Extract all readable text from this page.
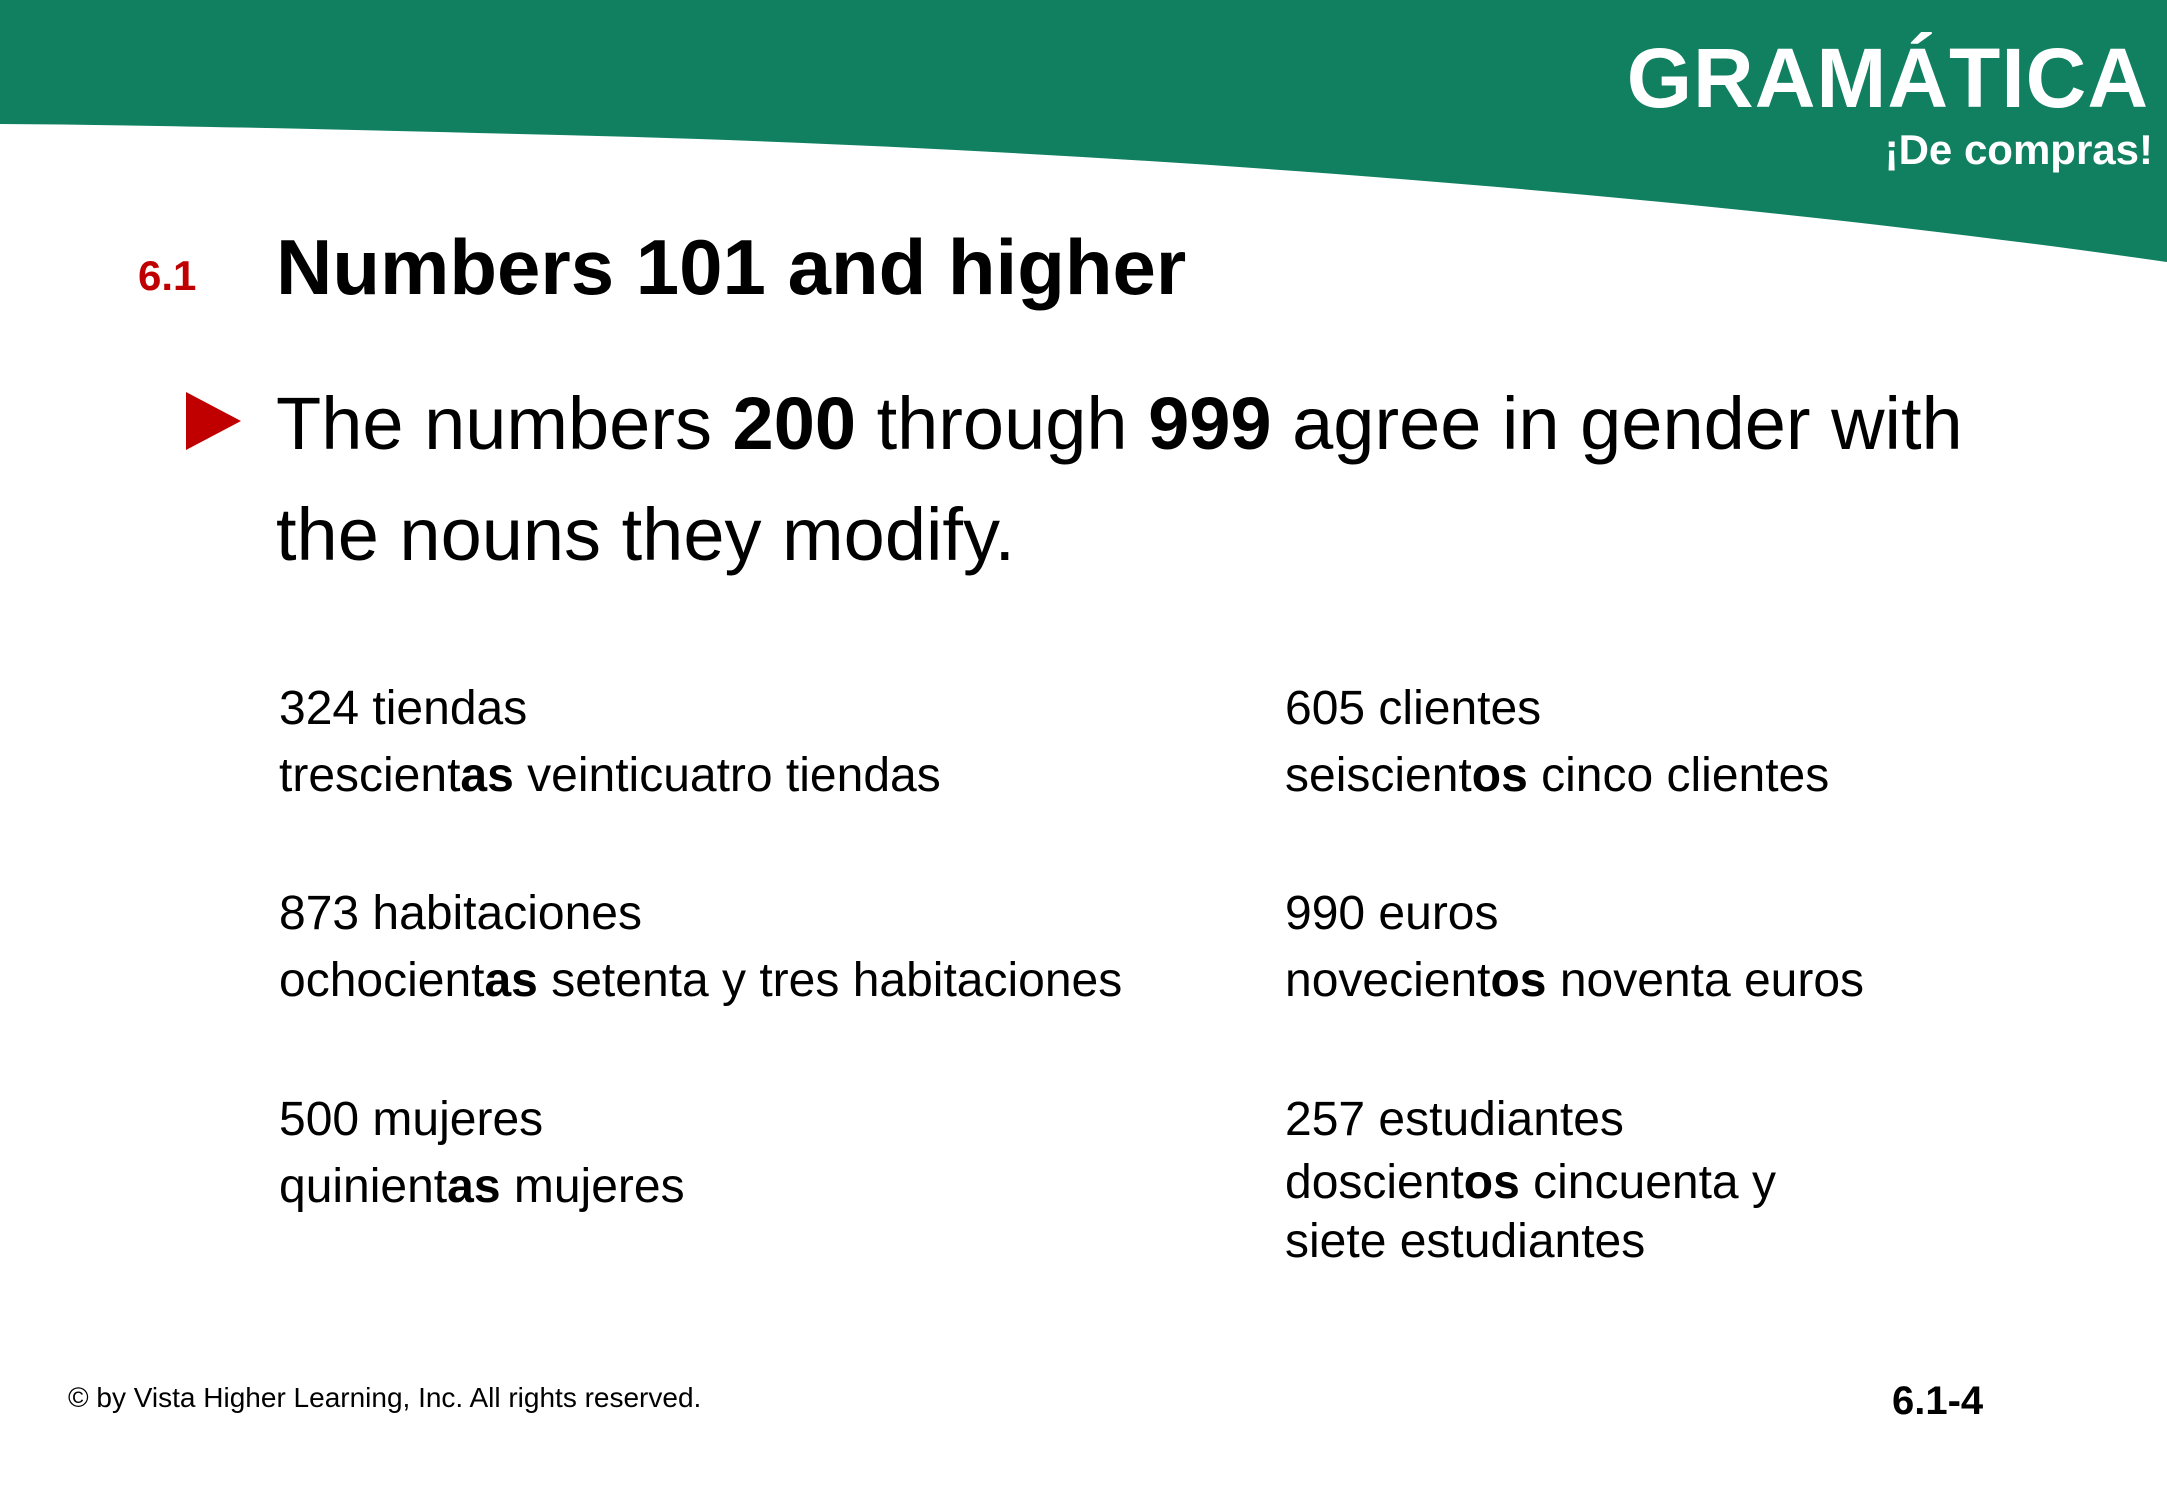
GRAMÁTICA
¡De compras!
6.1 Numbers 101 and higher
The numbers 200 through 999 agree in gender with the nouns they modify.
324 tiendas
trescientas veinticuatro tiendas
605 clientes
seiscientos cinco clientes
873 habitaciones
ochocientas setenta y tres habitaciones
990 euros
novecientos noventa euros
500 mujeres
quinientas mujeres
257 estudiantes
doscientos cincuenta y siete estudiantes
© by Vista Higher Learning, Inc. All rights reserved.	6.1-4
